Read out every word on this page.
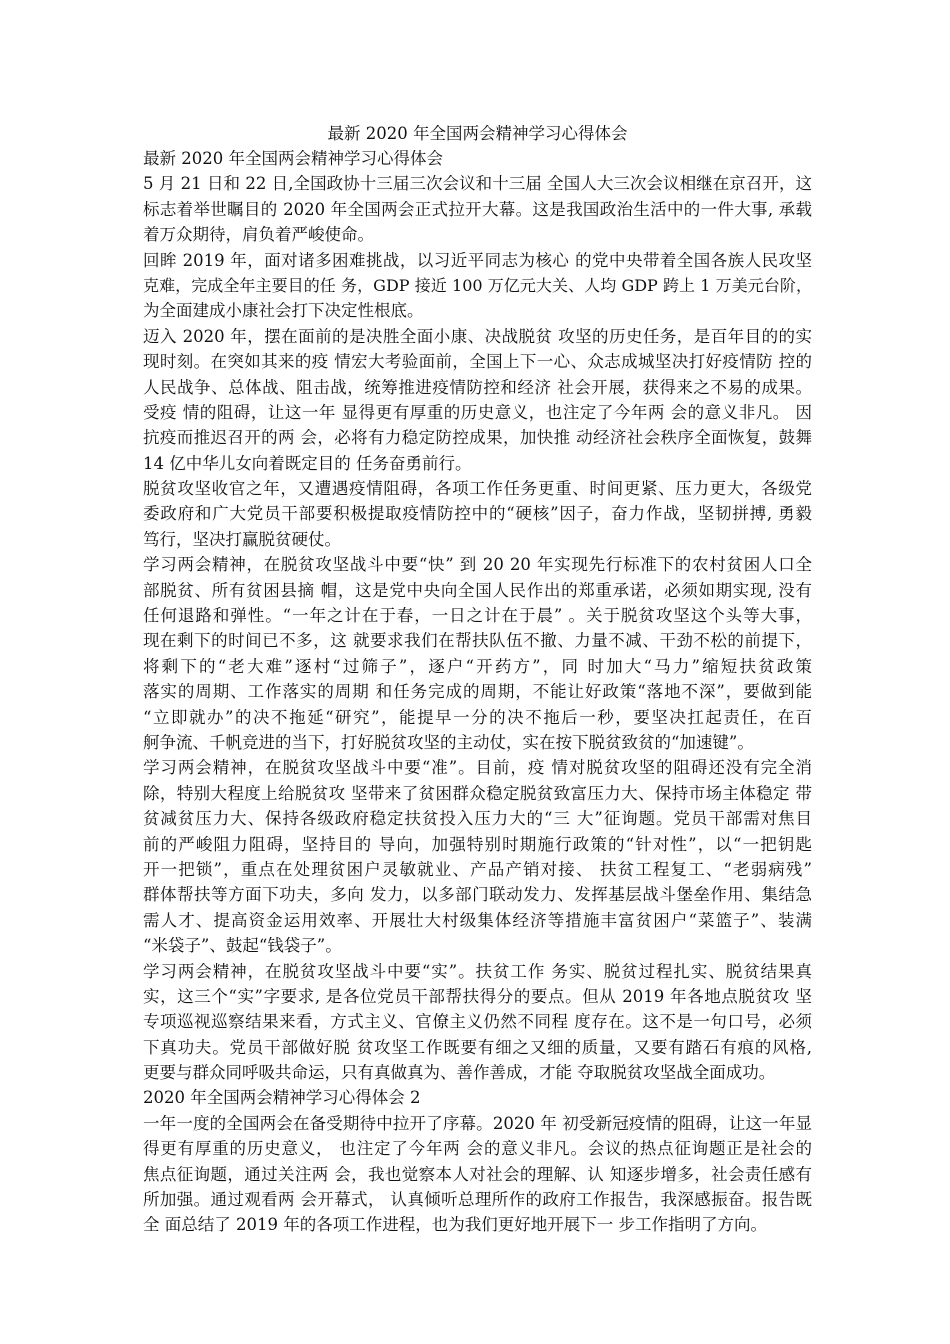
最新 2020 年全国两会精神学习心得体会
最新 2020 年全国两会精神学习心得体会
5 月 21 日和 22 日,全国政协十三届三次会议和十三届 全国人大三次会议相继在京召开，这
标志着举世瞩目的 2020 年全国两会正式拉开大幕。这是我国政治生活中的一件大事, 承载
着万众期待，肩负着严峻使命。
回眸 2019 年，面对诸多困难挑战，以习近平同志为核心 的党中央带着全国各族人民攻坚
克难，完成全年主要目的任 务，GDP 接近 100 万亿元大关、人均 GDP 跨上 1 万美元台阶，
为全面建成小康社会打下决定性根底。
迈入 2020 年，摆在面前的是决胜全面小康、决战脱贫 攻坚的历史任务，是百年目的的实
现时刻。在突如其来的疫 情宏大考验面前，全国上下一心、众志成城坚决打好疫情防 控的
人民战争、总体战、阻击战，统筹推进疫情防控和经济 社会开展，获得来之不易的成果。
受疫 情的阻碍，让这一年 显得更有厚重的历史意义，也注定了今年两 会的意义非凡。 因
抗疫而推迟召开的两 会，必将有力稳定防控成果，加快推 动经济社会秩序全面恢复，鼓舞
14 亿中华儿女向着既定目的 任务奋勇前行。
脱贫攻坚收官之年，又遭遇疫情阻碍，各项工作任务更重、时间更紧、压力更大，各级党
委政府和广大党员干部要积极提取疫情防控中的“硬核”因子，奋力作战，坚韧拼搏, 勇毅
笃行，坚决打赢脱贫硬仗。
学习两会精神，在脱贫攻坚战斗中要“快” 到 20 20 年实现先行标准下的农村贫困人口全
部脱贫、所有贫困县摘 帽，这是党中央向全国人民作出的郑重承诺，必须如期实现, 没有
任何退路和弹性。“一年之计在于春，一日之计在于晨” 。关于脱贫攻坚这个头等大事，
现在剩下的时间已不多，这 就要求我们在帮扶队伍不撤、力量不减、干劲不松的前提下，
将剩下的“老大难”逐村“过筛子”，逐户“开药方”，同 时加大“马力”缩短扶贫政策
落实的周期、工作落实的周期 和任务完成的周期，不能让好政策“落地不深”，要做到能
“立即就办”的决不拖延“研究”，能提早一分的决不拖后一秒，要坚决扛起责任，在百
舸争流、千帆竞进的当下，打好脱贫攻坚的主动仗，实在按下脱贫致贫的“加速键”。
学习两会精神，在脱贫攻坚战斗中要“准”。目前，疫 情对脱贫攻坚的阻碍还没有完全消
除，特别大程度上给脱贫攻 坚带来了贫困群众稳定脱贫致富压力大、保持市场主体稳定 带
贫减贫压力大、保持各级政府稳定扶贫投入压力大的“三 大”征询题。党员干部需对焦目
前的严峻阻力阻碍，坚持目的 导向，加强特别时期施行政策的“针对性”，以“一把钥匙
开一把锁”，重点在处理贫困户灵敏就业、产品产销对接、 扶贫工程复工、“老弱病残”
群体帮扶等方面下功夫，多向 发力，以多部门联动发力、发挥基层战斗堡垒作用、集结急
需人才、提高资金运用效率、开展壮大村级集体经济等措施丰富贫困户“菜篮子”、装满
“米袋子”、鼓起“钱袋子”。
学习两会精神，在脱贫攻坚战斗中要“实”。扶贫工作 务实、脱贫过程扎实、脱贫结果真
实，这三个“实”字要求, 是各位党员干部帮扶得分的要点。但从 2019 年各地点脱贫攻 坚
专项巡视巡察结果来看，方式主义、官僚主义仍然不同程 度存在。这不是一句口号，必须
下真功夫。党员干部做好脱 贫攻坚工作既要有细之又细的质量，又要有踏石有痕的风格,
更要与群众同呼吸共命运，只有真做真为、善作善成，才能 夺取脱贫攻坚战全面成功。
2020 年全国两会精神学习心得体会 2
一年一度的全国两会在备受期待中拉开了序幕。2020 年 初受新冠疫情的阻碍，让这一年显
得更有厚重的历史意义， 也注定了今年两 会的意义非凡。会议的热点征询题正是社会的
焦点征询题，通过关注两 会，我也觉察本人对社会的理解、认 知逐步增多，社会责任感有
所加强。通过观看两 会开幕式， 认真倾听总理所作的政府工作报告，我深感振奋。报告既
全 面总结了 2019 年的各项工作进程，也为我们更好地开展下一 步工作指明了方向。
